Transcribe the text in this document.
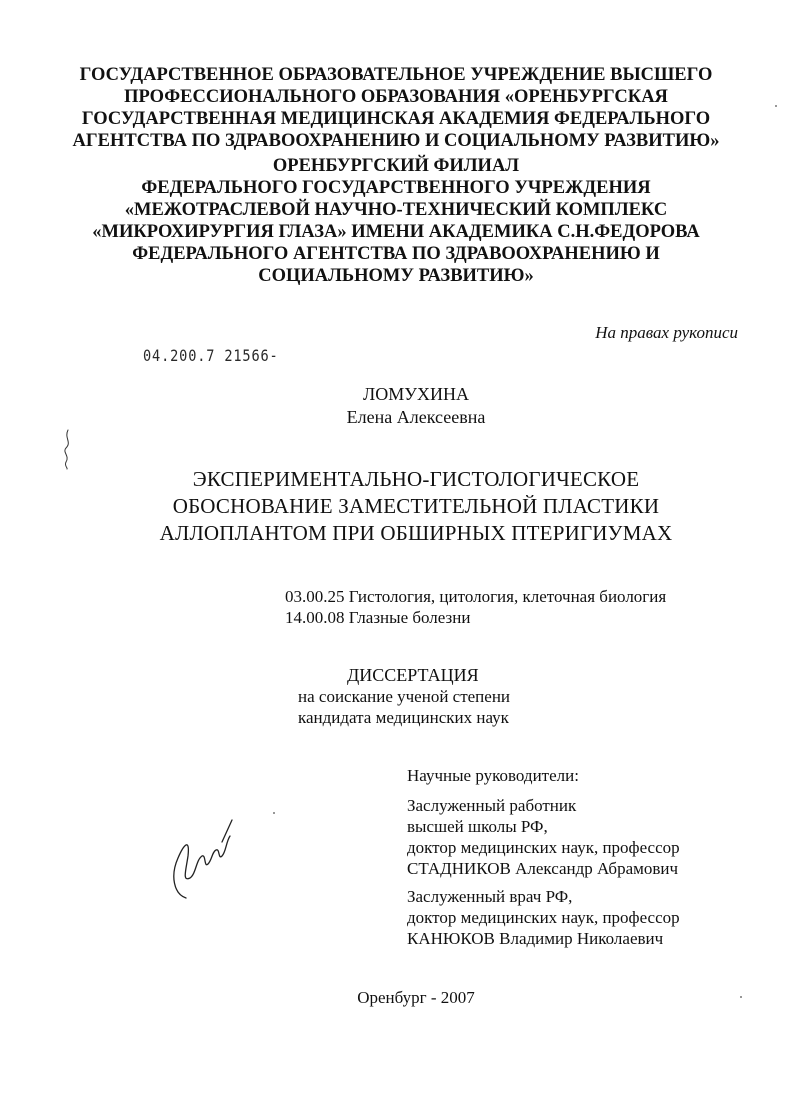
ГОСУДАРСТВЕННОЕ ОБРАЗОВАТЕЛЬНОЕ УЧРЕЖДЕНИЕ ВЫСШЕГО
ПРОФЕССИОНАЛЬНОГО ОБРАЗОВАНИЯ «ОРЕНБУРГСКАЯ
ГОСУДАРСТВЕННАЯ МЕДИЦИНСКАЯ АКАДЕМИЯ ФЕДЕРАЛЬНОГО
АГЕНТСТВА ПО ЗДРАВООХРАНЕНИЮ И СОЦИАЛЬНОМУ РАЗВИТИЮ»
ОРЕНБУРГСКИЙ ФИЛИАЛ
ФЕДЕРАЛЬНОГО ГОСУДАРСТВЕННОГО УЧРЕЖДЕНИЯ
«МЕЖОТРАСЛЕВОЙ НАУЧНО-ТЕХНИЧЕСКИЙ КОМПЛЕКС
«МИКРОХИРУРГИЯ ГЛАЗА» ИМЕНИ АКАДЕМИКА С.Н.ФЕДОРОВА
ФЕДЕРАЛЬНОГО АГЕНТСТВА ПО ЗДРАВООХРАНЕНИЮ И
СОЦИАЛЬНОМУ РАЗВИТИЮ»
На правах рукописи
04.200.7 21566-
ЛОМУХИНА
Елена Алексеевна
ЭКСПЕРИМЕНТАЛЬНО-ГИСТОЛОГИЧЕСКОЕ
ОБОСНОВАНИЕ ЗАМЕСТИТЕЛЬНОЙ ПЛАСТИКИ
АЛЛОПЛАНТОМ ПРИ ОБШИРНЫХ ПТЕРИГИУМАХ
03.00.25 Гистология, цитология, клеточная биология
14.00.08 Глазные болезни
ДИССЕРТАЦИЯ
на соискание ученой степени
кандидата медицинских наук
Научные руководители:
Заслуженный работник
высшей школы РФ,
доктор медицинских наук, профессор
СТАДНИКОВ Александр Абрамович
Заслуженный врач РФ,
доктор медицинских наук, профессор
КАНЮКОВ Владимир Николаевич
Оренбург - 2007
